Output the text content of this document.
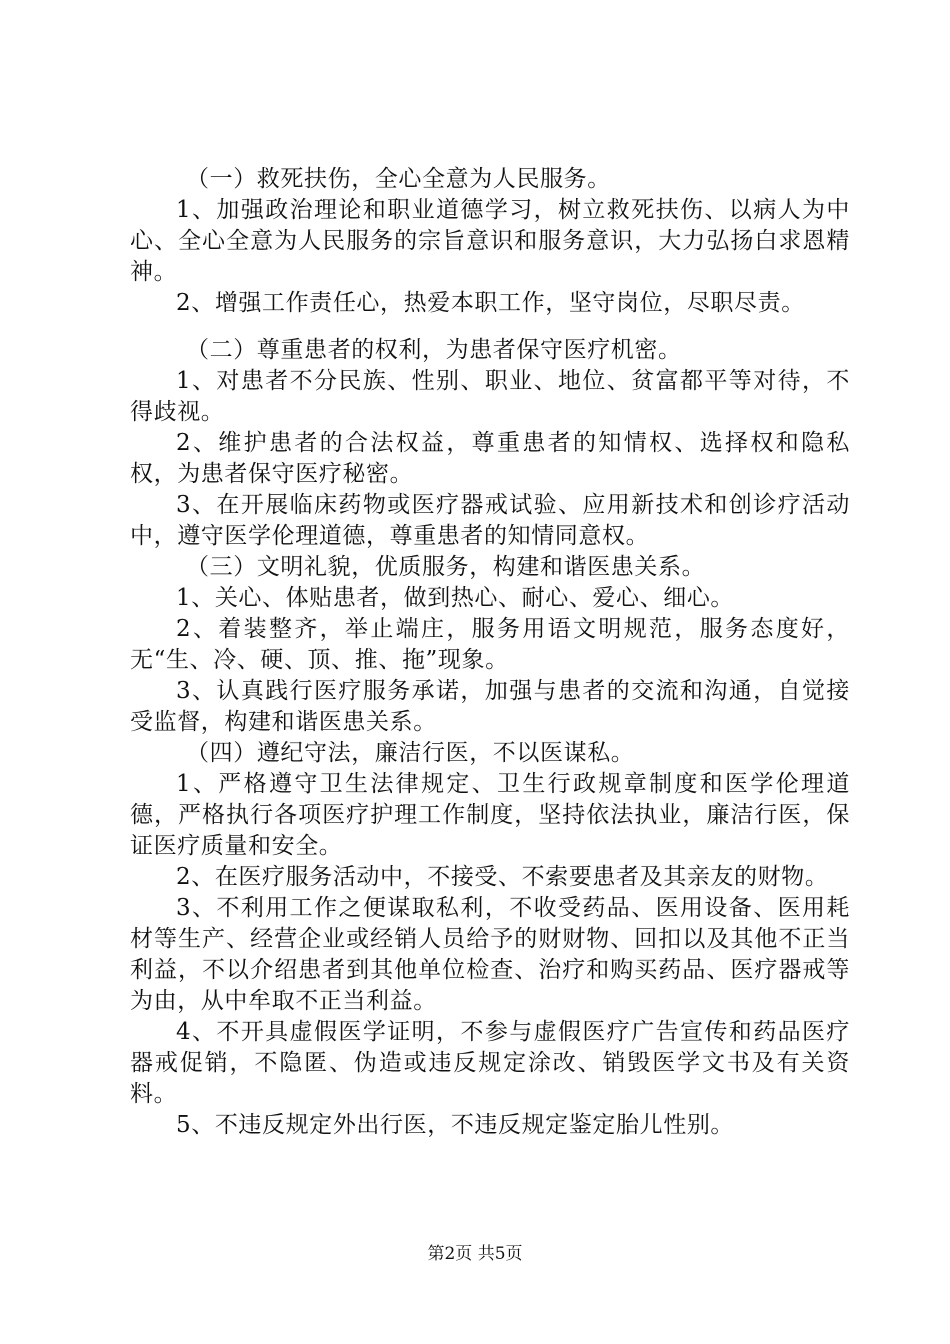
（一）救死扶伤，全心全意为人民服务。

1、加强政治理论和职业道德学习，树立救死扶伤、以病人为中心、全心全意为人民服务的宗旨意识和服务意识，大力弘扬白求恩精神。

2、增强工作责任心，热爱本职工作，坚守岗位，尽职尽责。

（二）尊重患者的权利，为患者保守医疗机密。

1、对患者不分民族、性别、职业、地位、贫富都平等对待，不得歧视。

2、维护患者的合法权益，尊重患者的知情权、选择权和隐私权，为患者保守医疗秘密。

3、在开展临床药物或医疗器戒试验、应用新技术和创诊疗活动中，遵守医学伦理道德，尊重患者的知情同意权。

（三）文明礼貌，优质服务，构建和谐医患关系。

1、关心、体贴患者，做到热心、耐心、爱心、细心。

2、着装整齐，举止端庄，服务用语文明规范，服务态度好，无“生、冷、硬、顶、推、拖”现象。

3、认真践行医疗服务承诺，加强与患者的交流和沟通，自觉接受监督，构建和谐医患关系。

（四）遵纪守法，廉洁行医，不以医谋私。

1、严格遵守卫生法律规定、卫生行政规章制度和医学伦理道德，严格执行各项医疗护理工作制度，坚持依法执业，廉洁行医，保证医疗质量和安全。

2、在医疗服务活动中，不接受、不索要患者及其亲友的财物。

3、不利用工作之便谋取私利，不收受药品、医用设备、医用耗材等生产、经营企业或经销人员给予的财财物、回扣以及其他不正当利益，不以介绍患者到其他单位检查、治疗和购买药品、医疗器戒等为由，从中牟取不正当利益。

4、不开具虚假医学证明，不参与虚假医疗广告宣传和药品医疗器戒促销，不隐匿、伪造或违反规定涂改、销毁医学文书及有关资料。

5、不违反规定外出行医，不违反规定鉴定胎儿性别。

第2页 共5页
